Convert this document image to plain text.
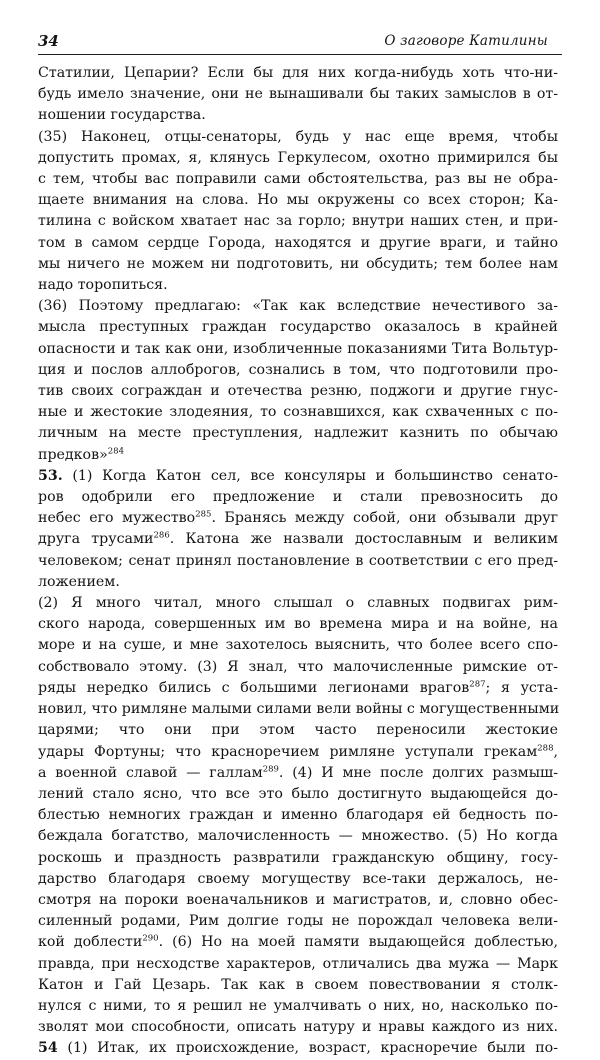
34	О заговоре Катилины
Статилии, Цепарии? Если бы для них когда-нибудь хоть что-ни-
будь имело значение, они не вынашивали бы таких замыслов в от-
ношении государства.
(35) Наконец, отцы-сенаторы, будь у нас еще время, чтобы
допустить промах, я, клянусь Геркулесом, охотно примирился бы
с тем, чтобы вас поправили сами обстоятельства, раз вы не обра-
щаете внимания на слова. Но мы окружены со всех сторон; Ка-
тилина с войском хватает нас за горло; внутри наших стен, и при-
том в самом сердце Города, находятся и другие враги, и тайно
мы ничего не можем ни подготовить, ни обсудить; тем более нам
надо торопиться.
(36) Поэтому предлагаю: «Так как вследствие нечестивого за-
мысла преступных граждан государство оказалось в крайней
опасности и так как они, изобличенные показаниями Тита Вольтур-
ция и послов аллоброгов, сознались в том, что подготовили про-
тив своих сограждан и отечества резню, поджоги и другие гнус-
ные и жестокие злодеяния, то сознавшихся, как схваченных с по-
личным на месте преступления, надлежит казнить по обычаю
предков»$^{284}$
53. (1) Когда Катон сел, все консуляры и большинство сенато-
ров одобрили его предложение и стали превозносить до
небес его мужество$^{285}$. Бранясь между собой, они обзывали друг
друга трусами$^{286}$. Катона же назвали достославным и великим
человеком; сенат принял постановление в соответствии с его пред-
ложением.
(2) Я много читал, много слышал о славных подвигах рим-
ского народа, совершенных им во времена мира и на войне, на
море и на суше, и мне захотелось выяснить, что более всего спо-
собствовало этому. (3) Я знал, что малочисленные римские от-
ряды нередко бились с большими легионами врагов$^{287}$; я уста-
новил, что римляне малыми силами вели войны с могущественными
царями; что они при этом часто переносили жестокие
удары Фортуны; что красноречием римляне уступали грекам$^{288}$,
а военной славой — галлам$^{289}$. (4) И мне после долгих размыш-
лений стало ясно, что все это было достигнуто выдающейся до-
блестью немногих граждан и именно благодаря ей бедность по-
беждала богатство, малочисленность — множество. (5) Но когда
роскошь и праздность развратили гражданскую общину, госу-
дарство благодаря своему могуществу все-таки держалось, не-
смотря на пороки военачальников и магистратов, и, словно обес-
силенный родами, Рим долгие годы не порождал человека вели-
кой доблести$^{290}$. (6) Но на моей памяти выдающейся доблестью,
правда, при несходстве характеров, отличались два мужа — Марк
Катон и Гай Цезарь. Так как в своем повествовании я столк-
нулся с ними, то я решил не умалчивать о них, но, насколько по-
зволят мои способности, описать натуру и нравы каждого из них.
54 (1) Итак, их происхождение, возраст, красноречие были по-
